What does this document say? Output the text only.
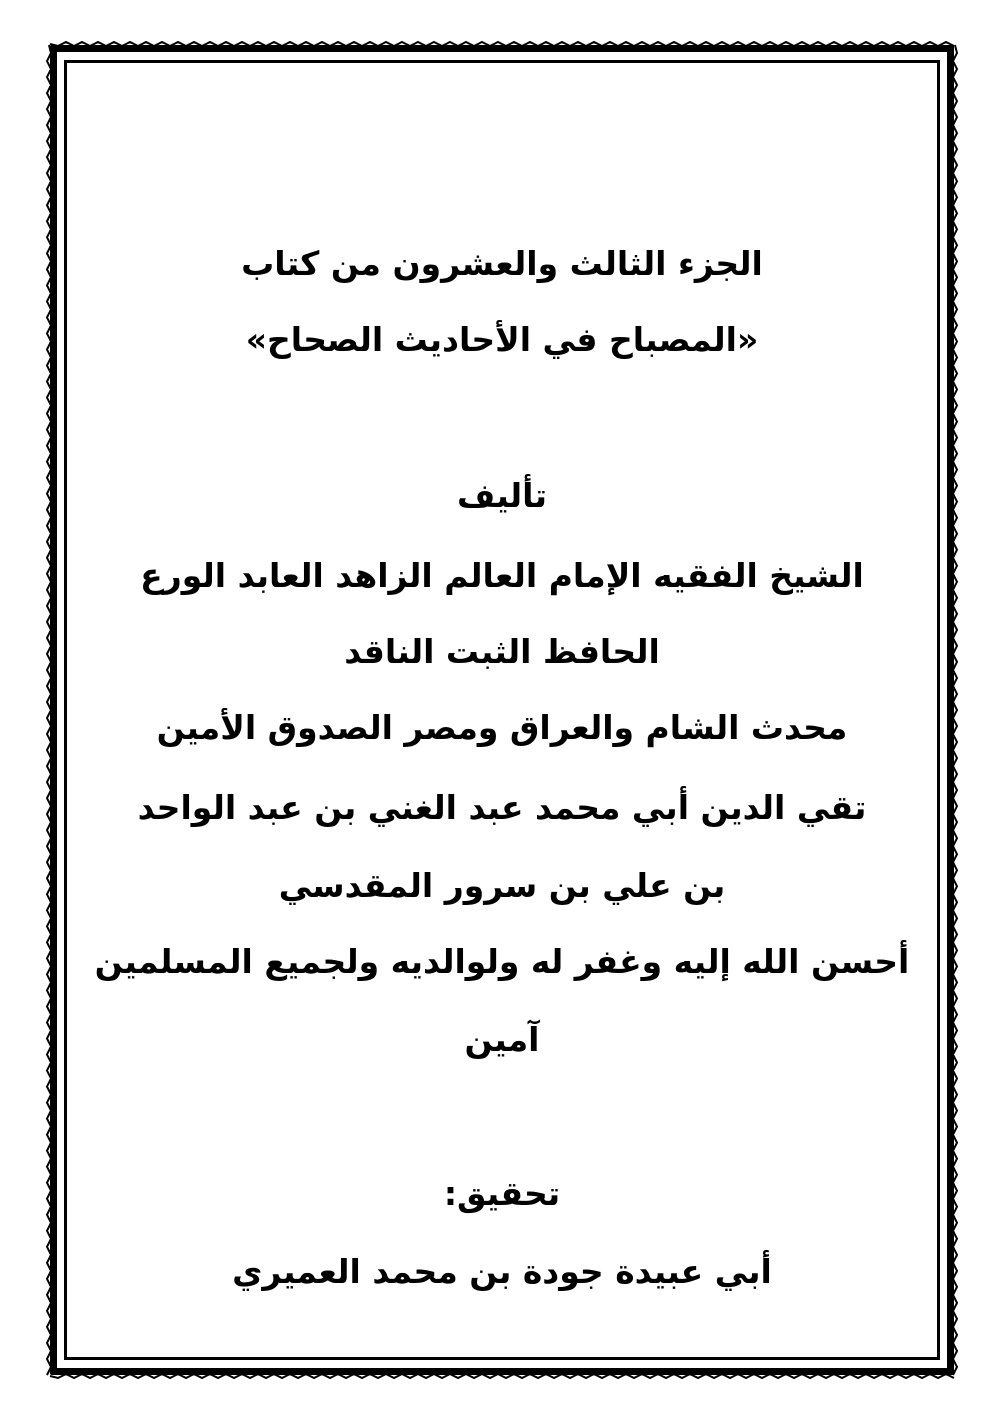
الجزء الثالث والعشرون من كتاب
«المصباح في الأحاديث الصحاح»
تأليف
الشيخ الفقيه الإمام العالم الزاهد العابد الورع
الحافظ الثبت الناقد
محدث الشام والعراق ومصر الصدوق الأمين
تقي الدين أبي محمد عبد الغني بن عبد الواحد
بن علي بن سرور المقدسي
أحسن الله إليه وغفر له ولوالديه ولجميع المسلمين
آمين
تحقيق:
أبي عبيدة جودة بن محمد العميري
